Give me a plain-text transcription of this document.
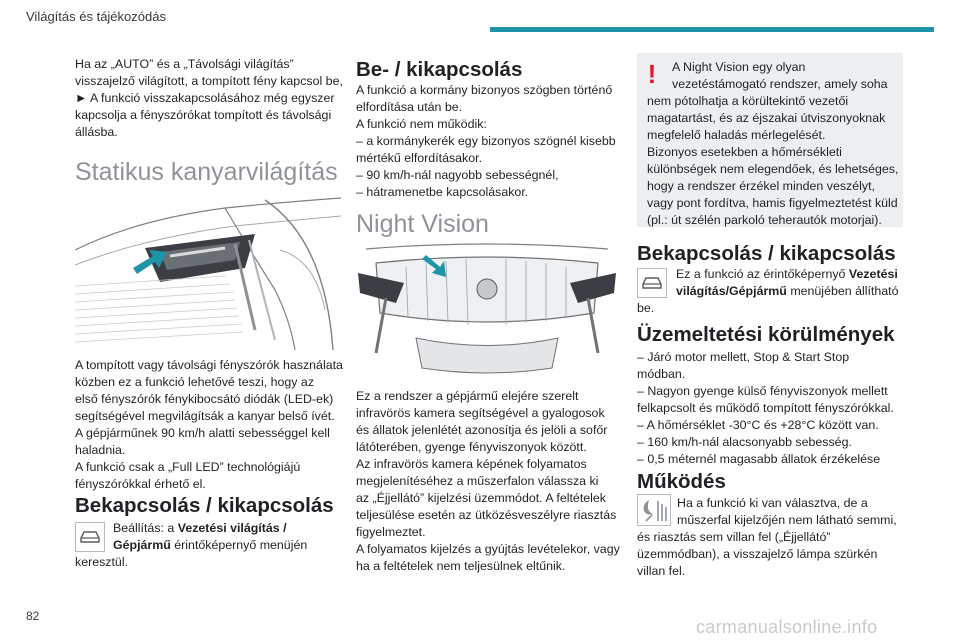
Világítás és tájékozódás
Ha az „AUTO” és a „Távolsági világítás”
visszajelző világított, a tompított fény kapcsol be,
► A funkció visszakapcsolásához még egyszer
kapcsolja a fényszórókat tompított és távolsági
állásba.
Statikus kanyarvilágítás
A tompított vagy távolsági fényszórók használata
közben ez a funkció lehetővé teszi, hogy az
első fényszórók fénykibocsátó diódák (LED-ek)
segítségével megvilágítsák a kanyar belső ívét.
A gépjárműnek 90 km/h alatti sebességgel kell
haladnia.
A funkció csak a „Full LED” technológiájú
fényszórókkal érhető el.
Bekapcsolás / kikapcsolás
Beállítás: a Vezetési világítás /
Gépjármű érintőképernyő menüjén
keresztül.
Be- / kikapcsolás
A funkció a kormány bizonyos szögben történő
elfordítása után be.
A funkció nem működik:
– a kormánykerék egy bizonyos szögnél kisebb
mértékű elfordításakor.
– 90 km/h-nál nagyobb sebességnél,
– hátramenetbe kapcsolásakor.
Night Vision
Ez a rendszer a gépjármű elejére szerelt
infravörös kamera segítségével a gyalogosok
és állatok jelenlétét azonosítja és jelöli a sofőr
látóterében, gyenge fényviszonyok között.
Az infravörös kamera képének folyamatos
megjelenítéséhez a műszerfalon válassza ki
az „Éjjellátó” kijelzési üzemmódot. A feltételek
teljesülése esetén az ütközésveszélyre riasztás
figyelmeztet.
A folyamatos kijelzés a gyújtás levételekor, vagy
ha a feltételek nem teljesülnek eltűnik.
! A Night Vision egy olyan
vezetéstámogató rendszer, amely soha
nem pótolhatja a körültekintő vezetői
magatartást, és az éjszakai útviszonyoknak
megfelelő haladás mérlegelését.
Bizonyos esetekben a hőmérsékleti
különbségek nem elegendőek, és lehetséges,
hogy a rendszer érzékel minden veszélyt,
vagy pont fordítva, hamis figyelmeztetést küld
(pl.: út szélén parkoló teherautók motorjai).
Bekapcsolás / kikapcsolás
Ez a funkció az érintőképernyő Vezetési
világítás/Gépjármű menüjében állítható
be.
Üzemeltetési körülmények
– Járó motor mellett, Stop & Start Stop
módban.
– Nagyon gyenge külső fényviszonyok mellett
felkapcsolt és működő tompított fényszórókkal.
– A hőmérséklet -30°C és +28°C között van.
– 160 km/h-nál alacsonyabb sebesség.
– 0,5 méternél magasabb állatok érzékelése
Működés
Ha a funkció ki van választva, de a
műszerfal kijelzőjén nem látható semmi,
és riasztás sem villan fel („Éjjellátó”
üzemmódban), a visszajelző lámpa szürkén
villan fel.
82
carmanualsonline.info
